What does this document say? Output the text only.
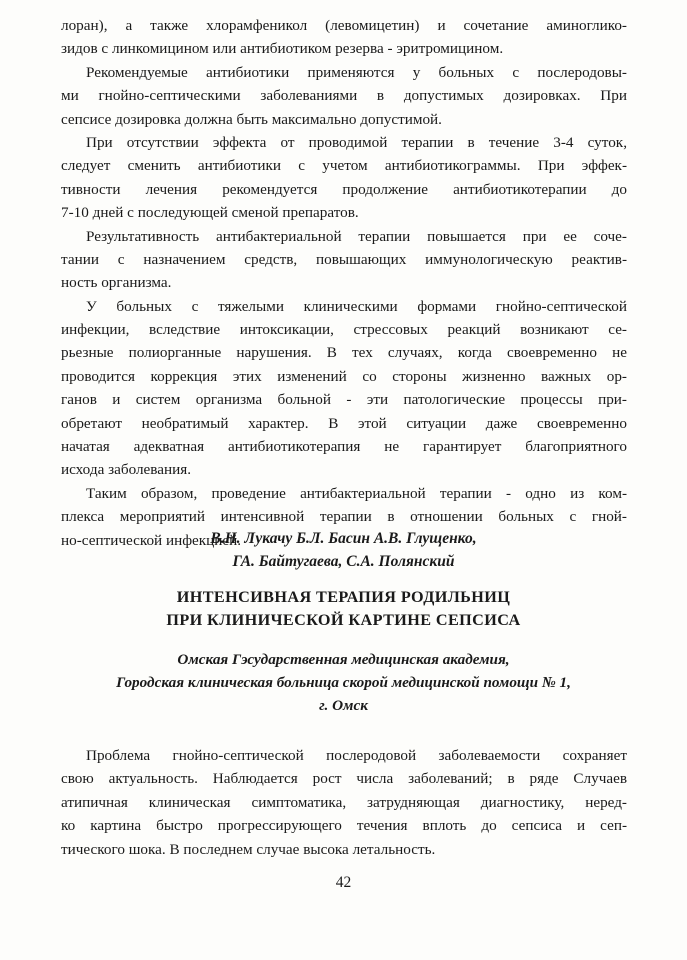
лоран), а также хлорамфеникол (левомицетин) и сочетание аминоглико-
зидов с линкомицином или антибиотиком резерва - эритромицином.
Рекомендуемые антибиотики применяются у больных с послеродовы-
ми гнойно-септическими заболеваниями в допустимых дозировках. При
сепсисе дозировка должна быть максимально допустимой.
При отсутствии эффекта от проводимой терапии в течение 3-4 суток,
следует сменить антибиотики с учетом антибиотикограммы. При эффек-
тивности лечения рекомендуется продолжение антибиотикотерапии до
7-10 дней с последующей сменой препаратов.
Результативность антибактериальной терапии повышается при ее соче-
тании с назначением средств, повышающих иммунологическую реактив-
ность организма.
У больных с тяжелыми клиническими формами гнойно-септической
инфекции, вследствие интоксикации, стрессовых реакций возникают се-
рьезные полиорганные нарушения. В тех случаях, когда своевременно не
проводится коррекция этих изменений со стороны жизненно важных ор-
ганов и систем организма больной - эти патологические процессы при-
обретают необратимый характер. В этой ситуации даже своевременно
начатая адекватная антибиотикотерапия не гарантирует благоприятного
исхода заболевания.
Таким образом, проведение антибактериальной терапии - одно из ком-
плекса мероприятий интенсивной терапии в отношении больных с гной-
но-септической инфекцией.
В.Н. Лукачу Б.Л. Басин А.В. Глущенко,
ГА. Байтугаева, С.А. Полянский
ИНТЕНСИВНАЯ ТЕРАПИЯ РОДИЛЬНИЦ
ПРИ КЛИНИЧЕСКОЙ КАРТИНЕ СЕПСИСА
Омская Гэсударственная медицинская академия,
Городская клиническая больница скорой медицинской помощи № 1,
г. Омск
Проблема гнойно-септической послеродовой заболеваемости сохраняет
свою актуальность. Наблюдается рост числа заболеваний; в ряде Случаев
атипичная клиническая симптоматика, затрудняющая диагностику, неред-
ко картина быстро прогрессирующего течения вплоть до сепсиса и сеп-
тического шока. В последнем случае высока летальность.
42
